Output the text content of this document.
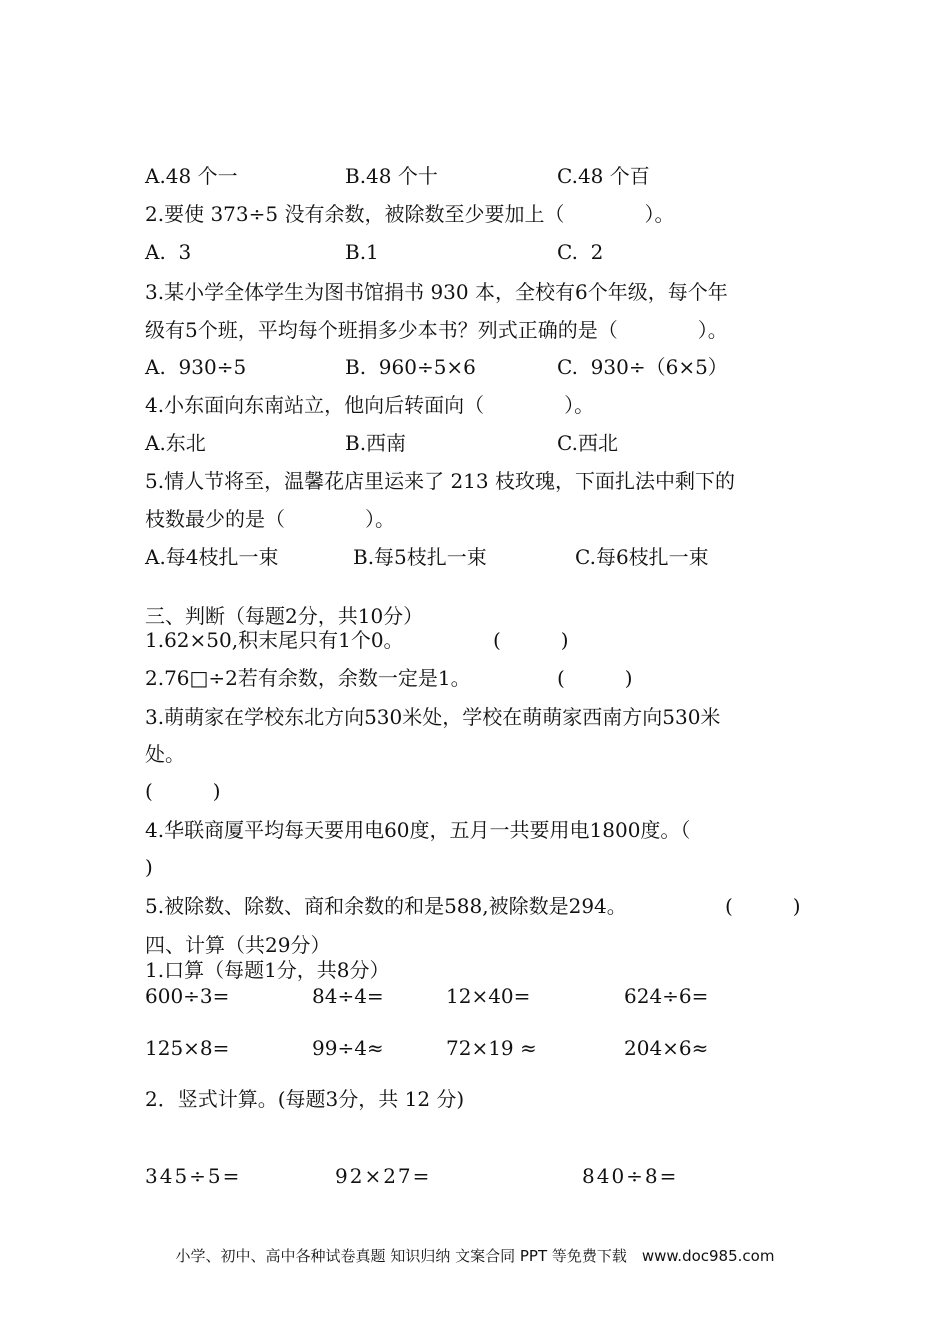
A.48 个一	B.48 个十	C.48 个百
2.要使 373÷5 没有余数，被除数至少要加上（　　　　）。
A.  3	B.1	C.  2
3.某小学全体学生为图书馆捐书 930 本，全校有6个年级，每个年
级有5个班，平均每个班捐多少本书？列式正确的是（　　　　）。
A.  930÷5	B.  960÷5×6	C.  930÷（6×5）
4.小东面向东南站立，他向后转面向（　　　　）。
A.东北	B.西南	C.西北
5.情人节将至，温馨花店里运来了 213 枝玫瑰，下面扎法中剩下的
枝数最少的是（　　　　）。
A.每4枝扎一束	B.每5枝扎一束	C.每6枝扎一束
三、判断（每题2分，共10分）
1.62×50,积末尾只有1个0。	(　　　)
2.76□÷2若有余数，余数一定是1。	(　　　)
3.萌萌家在学校东北方向530米处，学校在萌萌家西南方向530米
处。
(　　　)
4.华联商厦平均每天要用电60度，五月一共要用电1800度。（
)
5.被除数、除数、商和余数的和是588,被除数是294。	(　　　)
四、计算（共29分）
1.口算（每题1分，共8分）
600÷3=	84÷4=	12×40=	624÷6=
125×8=	99÷4≈	72×19 ≈	204×6≈
2．竖式计算。(每题3分，共 12 分)
345÷5=	92×27=	840÷8=
小学、初中、高中各种试卷真题 知识归纳 文案合同 PPT 等免费下载　www.doc985.com
